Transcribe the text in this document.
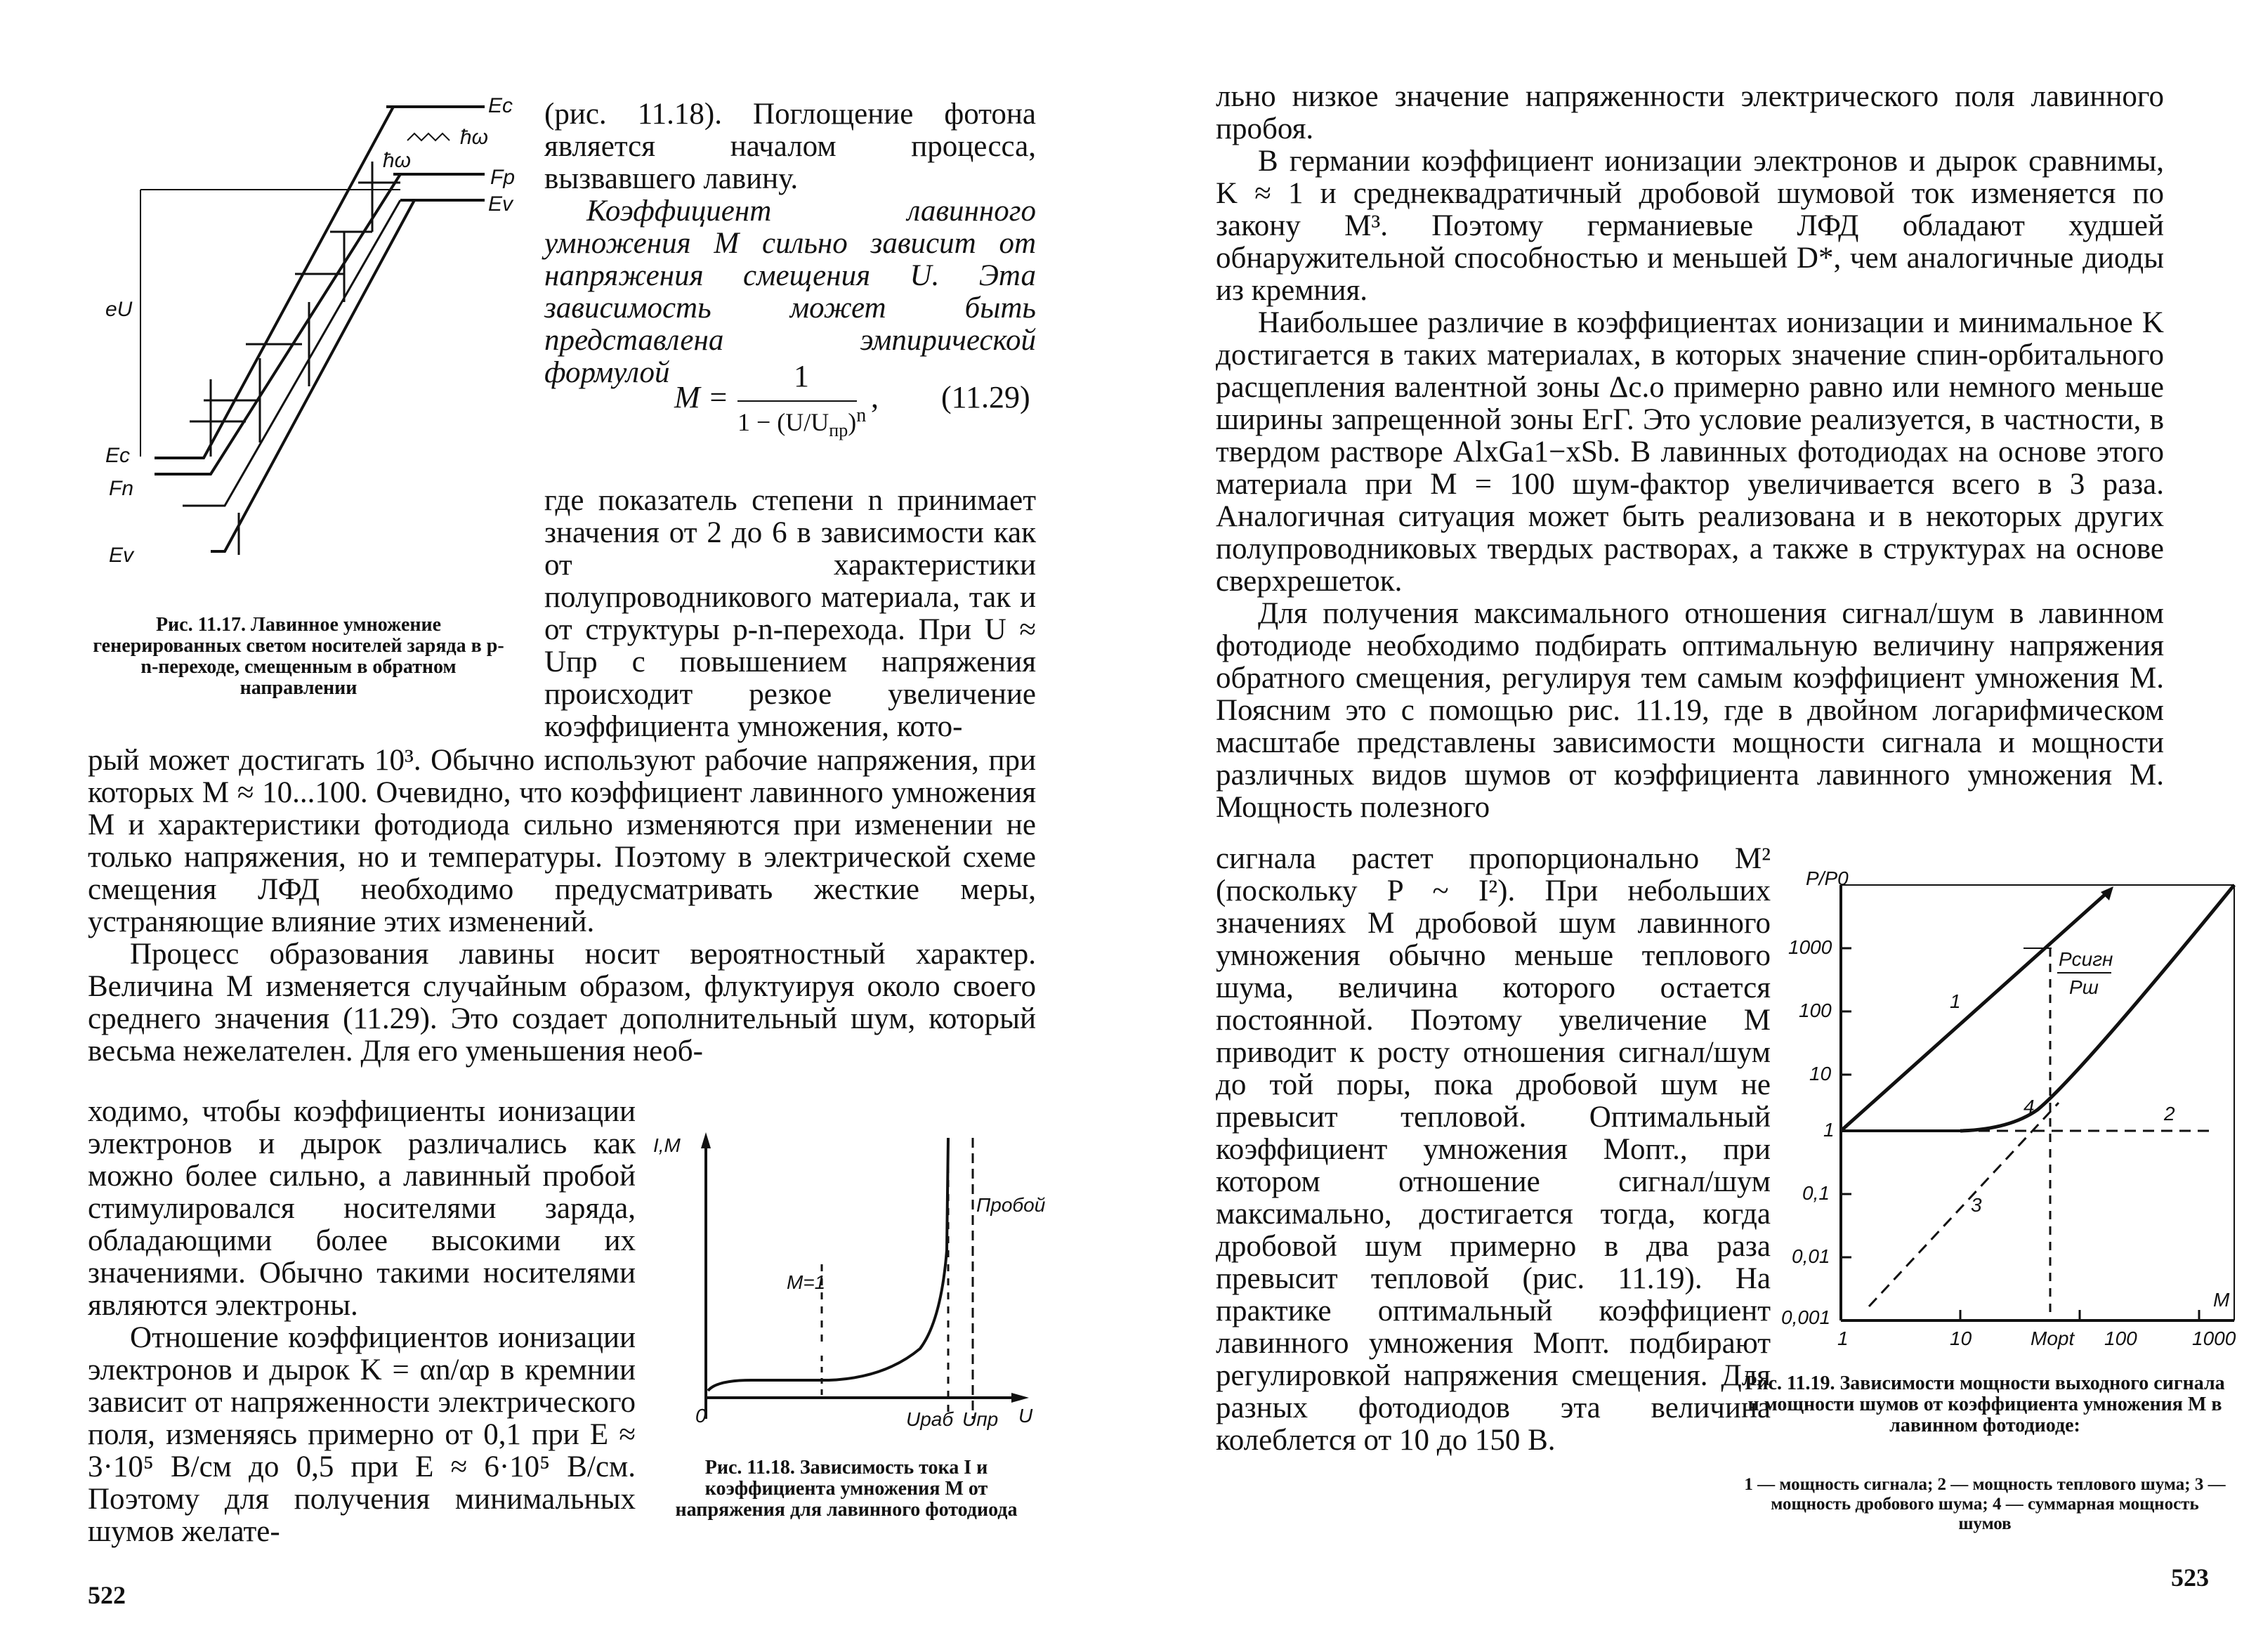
Ec
ħω
ħω
Fp
Ev
eU
Ec
Fn
Ev
Рис. 11.17. Лавинное умножение генерированных светом носителей заряда в p-n-переходе, смещенным в обратном направлении

(рис. 11.18). Поглощение фотона является началом процесса, вызвавшего лавину.

Коэффициент лавинного умножения M сильно зависит от напряжения смещения U. Эта зависимость может быть представлена эмпирической формулой

M =
1
$1 - (U/U_{пр})^n$
, (11.29)

где показатель степени n принимает значения от 2 до 6 в зависимости как от характеристики полупроводникового материала, так и от структуры p-n-перехода. При U ≈ Uпр с повышением напряжения происходит резкое увеличение коэффициента умножения, кото-

рый может достигать 10³. Обычно используют рабочие напряжения, при которых M ≈ 10...100. Очевидно, что коэффициент лавинного умножения M и характеристики фотодиода сильно изменяются при изменении не только напряжения, но и температуры. Поэтому в электрической схеме смещения ЛФД необходимо предусматривать жесткие меры, устраняющие влияние этих изменений.

Процесс образования лавины носит вероятностный характер. Величина M изменяется случайным образом, флуктуируя около своего среднего значения (11.29). Это создает дополнительный шум, который весьма нежелателен. Для его уменьшения необ-

ходимо, чтобы коэффициенты ионизации электронов и дырок различались как можно более сильно, а лавинный пробой стимулировался носителями заряда, обладающими более высокими их значениями. Обычно такими носителями являются электроны.

Отношение коэффициентов ионизации электронов и дырок K = αn/αp в кремнии зависит от напряженности электрического поля, изменяясь примерно от 0,1 при E ≈ 3·10⁵ В/см до 0,5 при E ≈ 6·10⁵ В/см. Поэтому для получения минимальных шумов желате-

I,M
0	U
M=1
Пробой
Uраб Uпр
Рис. 11.18. Зависимость тока I и коэффициента умножения M от напряжения для лавинного фотодиода
522

льно низкое значение напряженности электрического поля лавинного пробоя.

В германии коэффициент ионизации электронов и дырок сравнимы, K ≈ 1 и среднеквадратичный дробовой шумовой ток изменяется по закону M³. Поэтому германиевые ЛФД обладают худшей обнаружительной способностью и меньшей D*, чем аналогичные диоды из кремния.

Наибольшее различие в коэффициентах ионизации и минимальное K достигается в таких материалах, в которых значение спин-орбитального расщепления валентной зоны Δс.о примерно равно или немного меньше ширины запрещенной зоны EгΓ. Это условие реализуется, в частности, в твердом растворе AlxGa1−xSb. В лавинных фотодиодах на основе этого материала при M = 100 шум-фактор увеличивается всего в 3 раза. Аналогичная ситуация может быть реализована и в некоторых других полупроводниковых твердых растворах, а также в структурах на основе сверхрешеток.

Для получения максимального отношения сигнал/шум в лавинном фотодиоде необходимо подбирать оптимальную величину напряжения обратного смещения, регулируя тем самым коэффициент умножения M. Поясним это с помощью рис. 11.19, где в двойном логарифмическом масштабе представлены зависимости мощности сигнала и мощности различных видов шумов от коэффициента лавинного умножения M. Мощность полезного

сигнала растет пропорционально M² (поскольку P ~ I²). При небольших значениях M дробовой шум лавинного умножения обычно меньше теплового шума, величина которого остается постоянной. Поэтому увеличение M приводит к росту отношения сигнал/шум до той поры, пока дробовой шум не превысит тепловой. Оптимальный коэффициент умножения Mопт., при котором отношение сигнал/шум максимально, достигается тогда, когда дробовой шум примерно в два раза превысит тепловой (рис. 11.19). На практике оптимальный коэффициент лавинного умножения Mопт. подбирают регулировкой напряжения смещения. Для разных фотодиодов эта величина колеблется от 10 до 150 В.

P/P0
M
1000
100
10
1
0,1
0,01
0,001
1	10	Mopt 100	1000
1
2
3
4
Pсигн
Pш
Рис. 11.19. Зависимости мощности выходного сигнала и мощности шумов от коэффициента умножения M в лавинном фотодиоде:
1 — мощность сигнала; 2 — мощность теплового шума; 3 — мощность дробового шума; 4 — суммарная мощность шумов
523
